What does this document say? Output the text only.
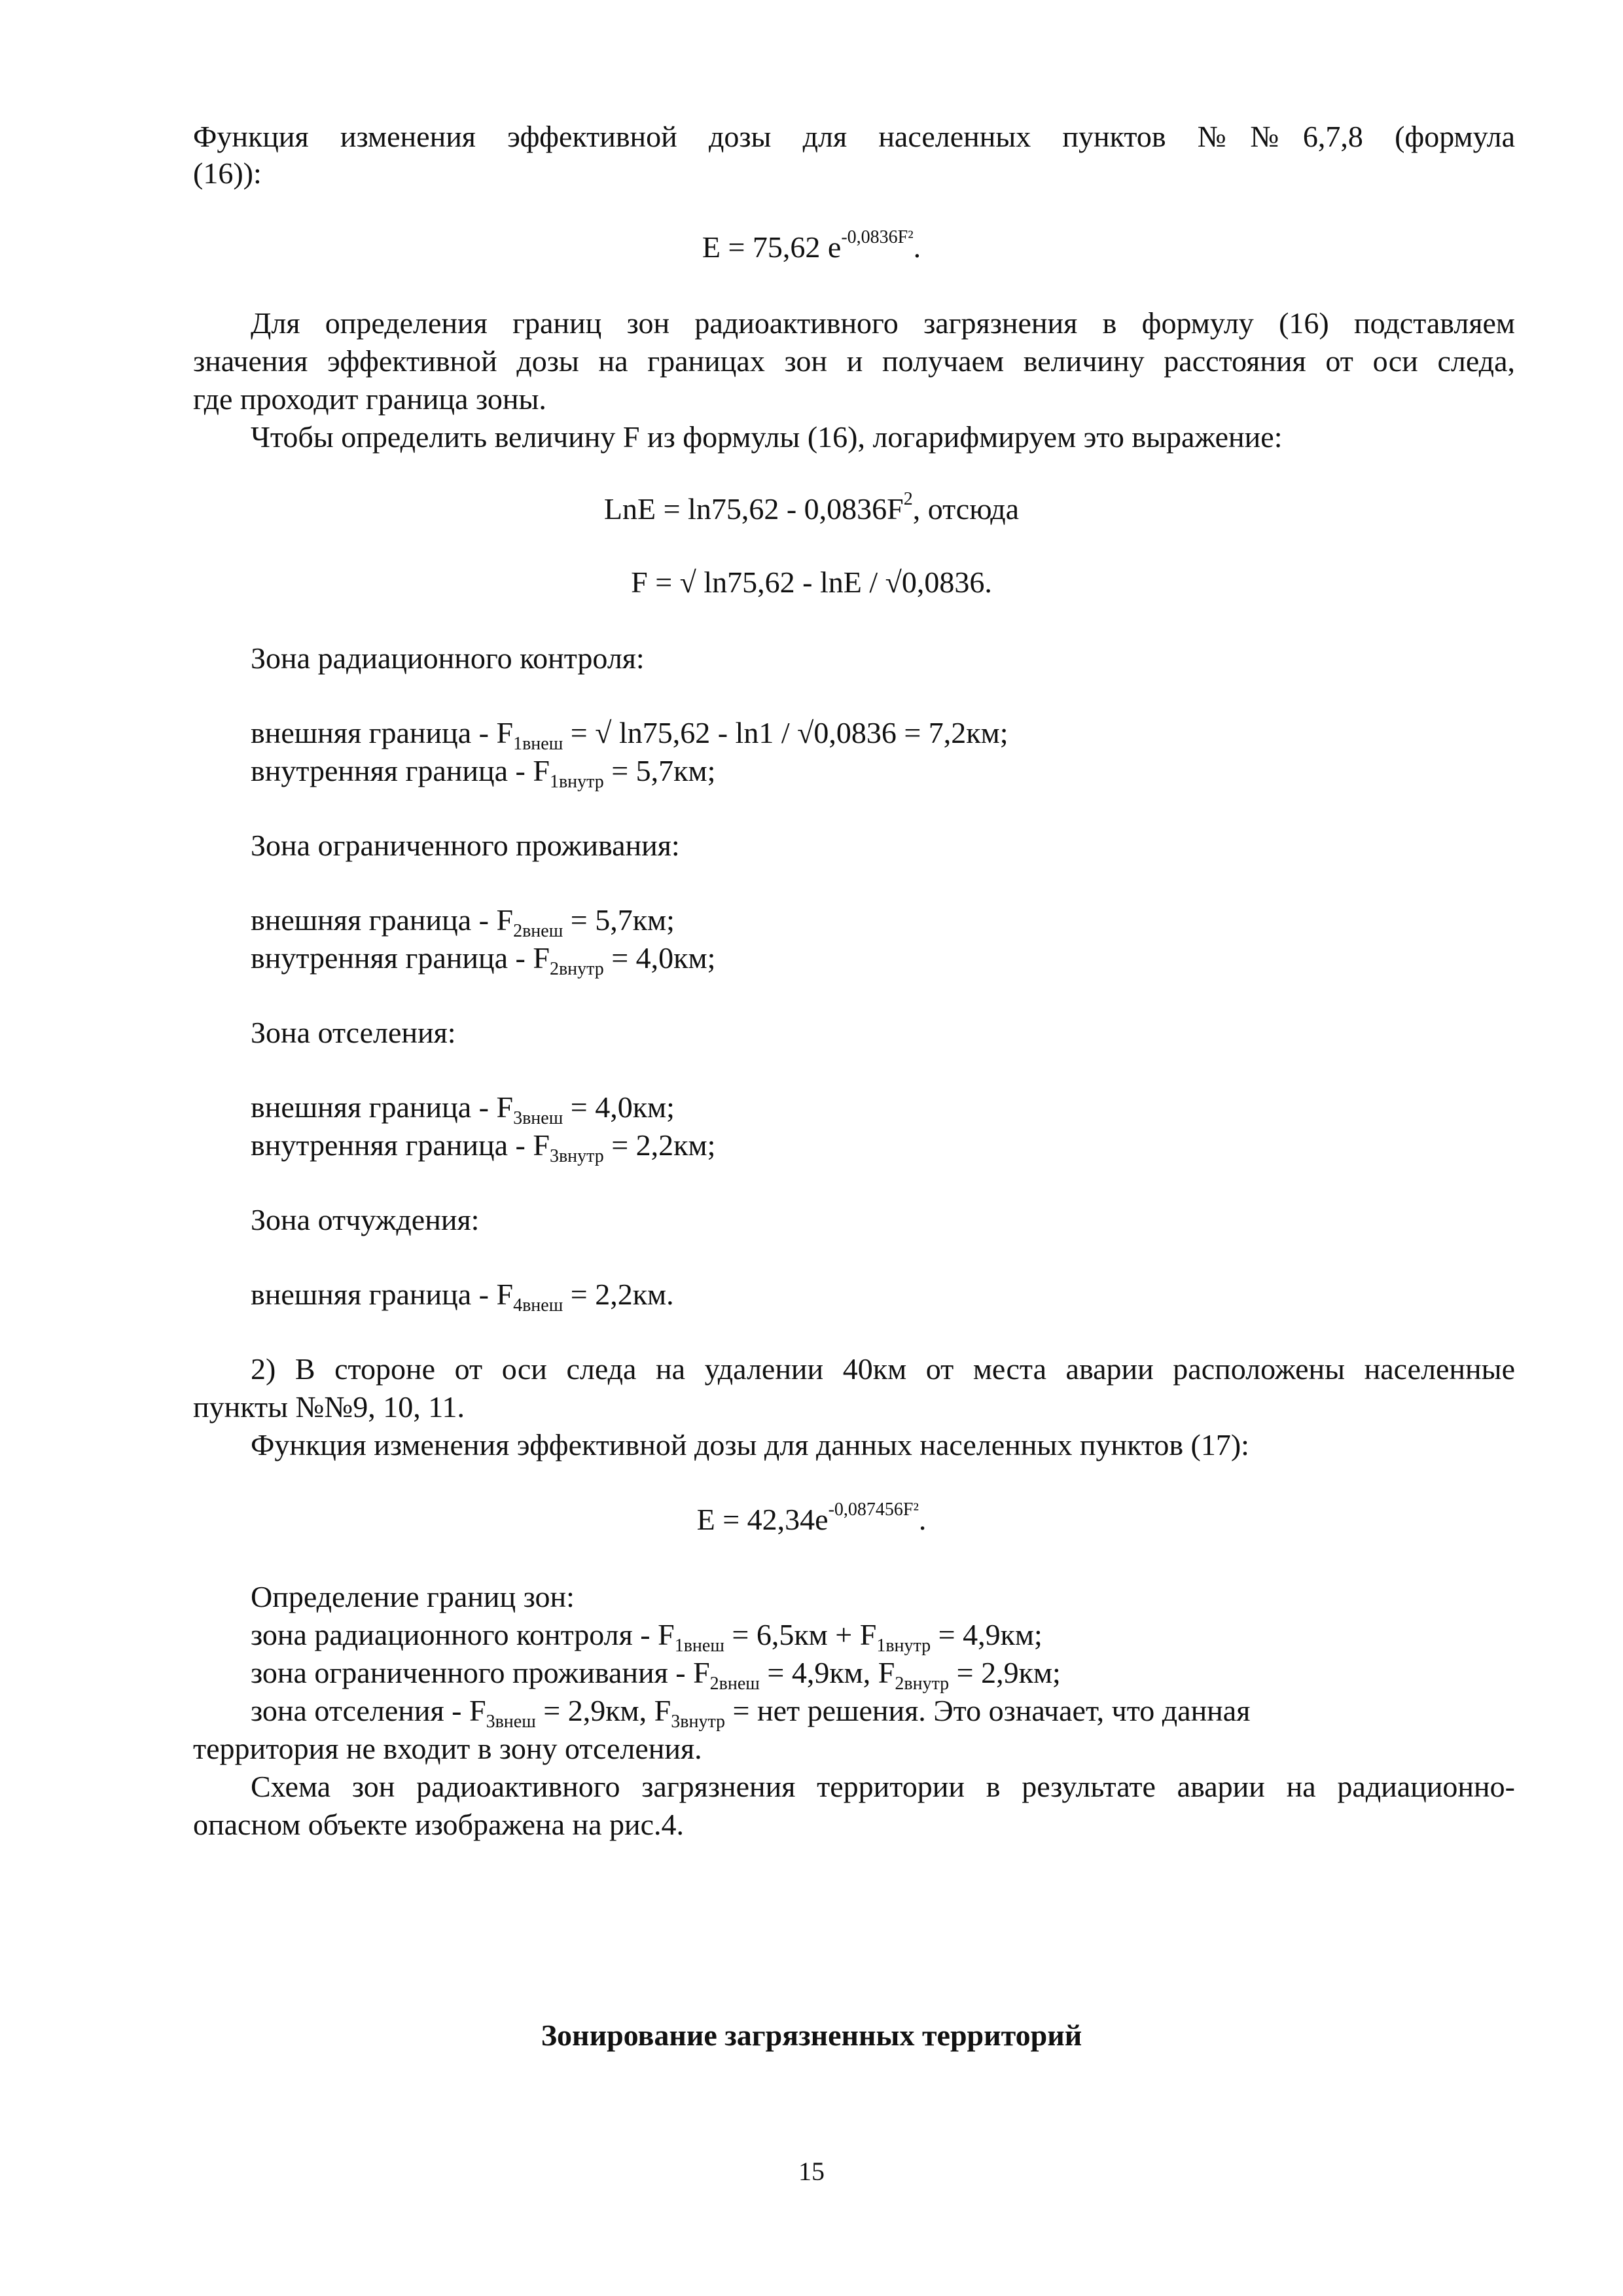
Функция изменения эффективной дозы для населенных пунктов №№6,7,8 (формула
(16)):
E = 75,62 $e^{-0,0836F^2}$.
Для определения границ зон радиоактивного загрязнения в формулу (16) подставляем
значения эффективной дозы на границах зон и получаем величину расстояния от оси следа,
где проходит граница зоны.
Чтобы определить величину F из формулы (16), логарифмируем это выражение:
LnE = $\ln 75,62 - 0,0836F^2$, отсюда
F = √ ln75,62 - lnE / √0,0836.
Зона радиационного контроля:
внешняя граница - $F_{1внеш}$ = √ ln75,62 - ln1 / √0,0836 = 7,2км;
внутренняя граница - $F_{1внутр} = 5,7км$;
Зона ограниченного проживания:
внешняя граница - $F_{2внеш} = 5,7км$;
внутренняя граница - $F_{2внутр} = 4,0км$;
Зона отселения:
внешняя граница - $F_{3внеш} = 4,0км$;
внутренняя граница - $F_{3внутр} = 2,2км$;
Зона отчуждения:
внешняя граница - $F_{4внеш} = 2,2км$.
2) В стороне от оси следа на удалении 40км от места аварии расположены населенные
пункты №№9, 10, 11.
Функция изменения эффективной дозы для данных населенных пунктов (17):
$E = 42,34e^{-0,087456F^2}$.
Определение границ зон:
зона радиационного контроля - $F_{1внеш} = 6,5км + F_{1внутр} = 4,9км$;
зона ограниченного проживания - $F_{2внеш} = 4,9км$, $F_{2внутр} = 2,9км$;
зона отселения - $F_{3внеш} = 2,9км$, $F_{3внутр}$ = нет решения. Это означает, что данная
территория не входит в зону отселения.
Схема зон радиоактивного загрязнения территории в результате аварии на радиационно-
опасном объекте изображена на рис.4.
Зонирование загрязненных территорий
15
